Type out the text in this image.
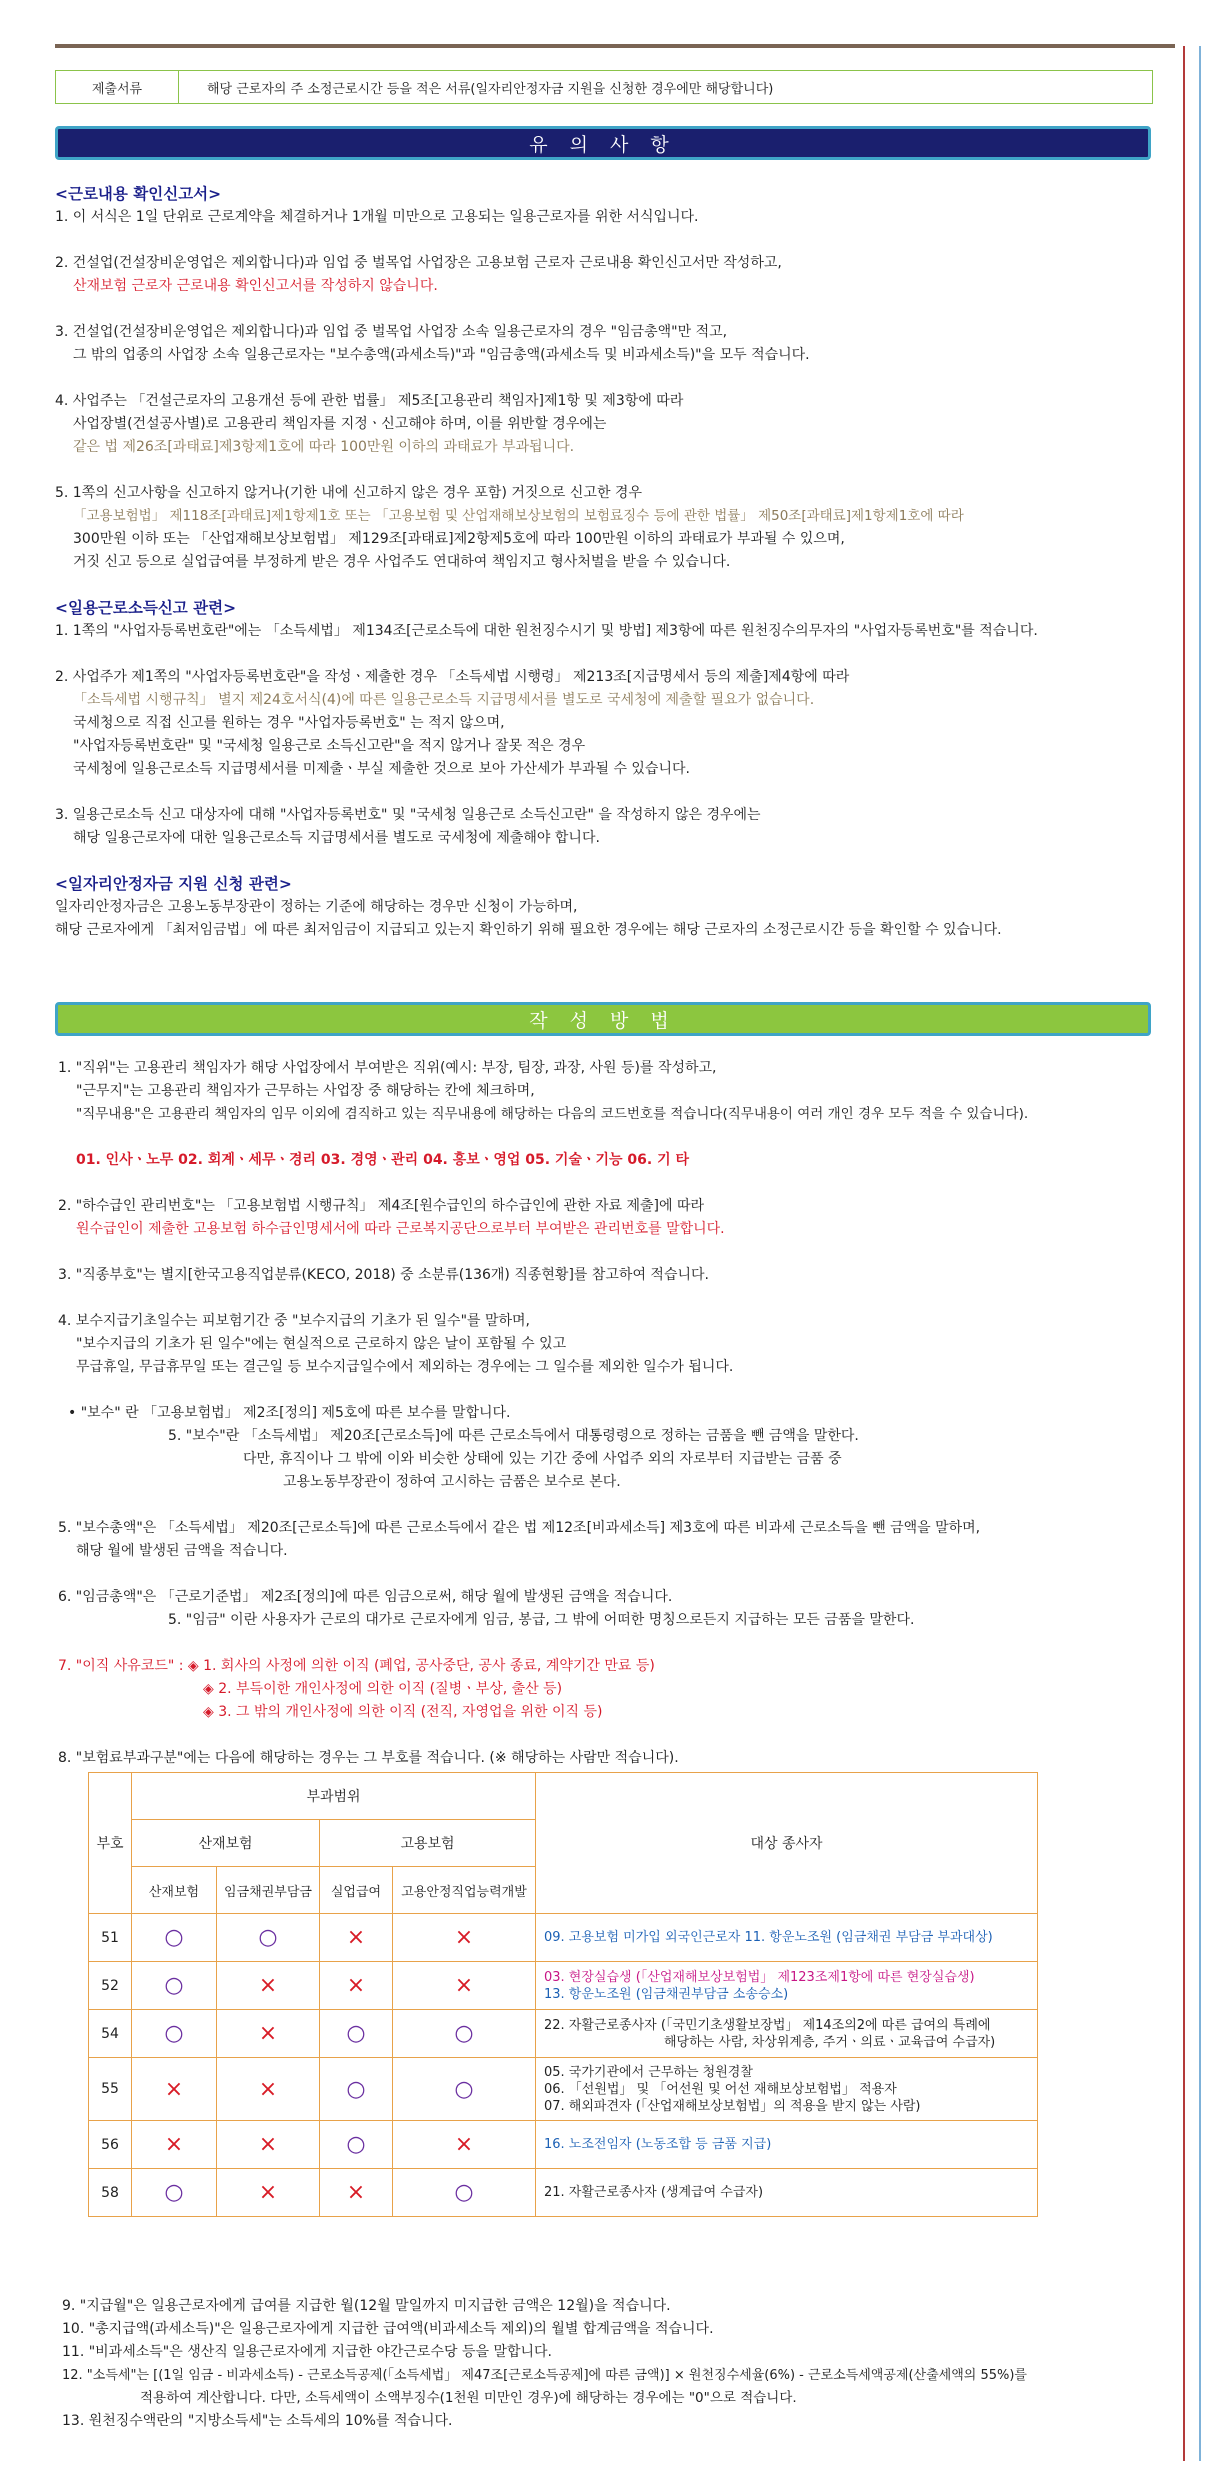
제출서류	해당 근로자의 주 소정근로시간 등을 적은 서류(일자리안정자금 지원을 신청한 경우에만 해당합니다)
유 의 사 항
<근로내용 확인신고서>

1. 이 서식은 1일 단위로 근로계약을 체결하거나 1개월 미만으로 고용되는 일용근로자를 위한 서식입니다.

2. 건설업(건설장비운영업은 제외합니다)과 임업 중 벌목업 사업장은 고용보험 근로자 근로내용 확인신고서만 작성하고,

산재보험 근로자 근로내용 확인신고서를 작성하지 않습니다.

3. 건설업(건설장비운영업은 제외합니다)과 임업 중 벌목업 사업장 소속 일용근로자의 경우 "임금총액"만 적고,

그 밖의 업종의 사업장 소속 일용근로자는 "보수총액(과세소득)"과 "임금총액(과세소득 및 비과세소득)"을 모두 적습니다.

4. 사업주는 「건설근로자의 고용개선 등에 관한 법률」 제5조[고용관리 책임자]제1항 및 제3항에 따라

사업장별(건설공사별)로 고용관리 책임자를 지정ㆍ신고해야 하며, 이를 위반할 경우에는

같은 법 제26조[과태료]제3항제1호에 따라 100만원 이하의 과태료가 부과됩니다.

5. 1쪽의 신고사항을 신고하지 않거나(기한 내에 신고하지 않은 경우 포함) 거짓으로 신고한 경우

「고용보험법」 제118조[과태료]제1항제1호 또는 「고용보험 및 산업재해보상보험의 보험료징수 등에 관한 법률」 제50조[과태료]제1항제1호에 따라

300만원 이하 또는 「산업재해보상보험법」 제129조[과태료]제2항제5호에 따라 100만원 이하의 과태료가 부과될 수 있으며,

거짓 신고 등으로 실업급여를 부정하게 받은 경우 사업주도 연대하여 책임지고 형사처벌을 받을 수 있습니다.

<일용근로소득신고 관련>

1. 1쪽의 "사업자등록번호란"에는 「소득세법」 제134조[근로소득에 대한 원천징수시기 및 방법] 제3항에 따른 원천징수의무자의 "사업자등록번호"를 적습니다.

2. 사업주가 제1쪽의 "사업자등록번호란"을 작성ㆍ제출한 경우 「소득세법 시행령」 제213조[지급명세서 등의 제출]제4항에 따라

「소득세법 시행규칙」 별지 제24호서식(4)에 따른 일용근로소득 지급명세서를 별도로 국세청에 제출할 필요가 없습니다.

국세청으로 직접 신고를 원하는 경우 "사업자등록번호" 는 적지 않으며,

"사업자등록번호란" 및 "국세청 일용근로 소득신고란"을 적지 않거나 잘못 적은 경우

국세청에 일용근로소득 지급명세서를 미제출ㆍ부실 제출한 것으로 보아 가산세가 부과될 수 있습니다.

3. 일용근로소득 신고 대상자에 대해 "사업자등록번호" 및 "국세청 일용근로 소득신고란" 을 작성하지 않은 경우에는

해당 일용근로자에 대한 일용근로소득 지급명세서를 별도로 국세청에 제출해야 합니다.

<일자리안정자금 지원 신청 관련>

일자리안정자금은 고용노동부장관이 정하는 기준에 해당하는 경우만 신청이 가능하며,

해당 근로자에게 「최저임금법」에 따른 최저임금이 지급되고 있는지 확인하기 위해 필요한 경우에는 해당 근로자의 소정근로시간 등을 확인할 수 있습니다.

작 성 방 법

1. "직위"는 고용관리 책임자가 해당 사업장에서 부여받은 직위(예시: 부장, 팀장, 과장, 사원 등)를 작성하고,

"근무지"는 고용관리 책임자가 근무하는 사업장 중 해당하는 칸에 체크하며,

"직무내용"은 고용관리 책임자의 임무 이외에 겸직하고 있는 직무내용에 해당하는 다음의 코드번호를 적습니다(직무내용이 여러 개인 경우 모두 적을 수 있습니다).

01. 인사ㆍ노무 02. 회계ㆍ세무ㆍ경리 03. 경영ㆍ관리 04. 홍보ㆍ영업 05. 기술ㆍ기능 06. 기 타

2. "하수급인 관리번호"는 「고용보험법 시행규칙」 제4조[원수급인의 하수급인에 관한 자료 제출]에 따라

원수급인이 제출한 고용보험 하수급인명세서에 따라 근로복지공단으로부터 부여받은 관리번호를 말합니다.

3. "직종부호"는 별지[한국고용직업분류(KECO, 2018) 중 소분류(136개) 직종현황]를 참고하여 적습니다.

4. 보수지급기초일수는 피보험기간 중 "보수지급의 기초가 된 일수"를 말하며,

"보수지급의 기초가 된 일수"에는 현실적으로 근로하지 않은 날이 포함될 수 있고

무급휴일, 무급휴무일 또는 결근일 등 보수지급일수에서 제외하는 경우에는 그 일수를 제외한 일수가 됩니다.

• "보수" 란 「고용보험법」 제2조[정의] 제5호에 따른 보수를 말합니다.

5. "보수"란 「소득세법」 제20조[근로소득]에 따른 근로소득에서 대통령령으로 정하는 금품을 뺀 금액을 말한다.

다만, 휴직이나 그 밖에 이와 비슷한 상태에 있는 기간 중에 사업주 외의 자로부터 지급받는 금품 중

고용노동부장관이 정하여 고시하는 금품은 보수로 본다.

5. "보수총액"은 「소득세법」 제20조[근로소득]에 따른 근로소득에서 같은 법 제12조[비과세소득] 제3호에 따른 비과세 근로소득을 뺀 금액을 말하며,

해당 월에 발생된 금액을 적습니다.

6. "임금총액"은 「근로기준법」 제2조[정의]에 따른 임금으로써, 해당 월에 발생된 금액을 적습니다.

5. "임금" 이란 사용자가 근로의 대가로 근로자에게 임금, 봉급, 그 밖에 어떠한 명칭으로든지 지급하는 모든 금품을 말한다.

7. "이직 사유코드" : ◈ 1. 회사의 사정에 의한 이직 (폐업, 공사중단, 공사 종료, 계약기간 만료 등)

◈ 2. 부득이한 개인사정에 의한 이직 (질병ㆍ부상, 출산 등)

◈ 3. 그 밖의 개인사정에 의한 이직 (전직, 자영업을 위한 이직 등)

8. "보험료부과구분"에는 다음에 해당하는 경우는 그 부호를 적습니다. (※ 해당하는 사람만 적습니다).

부호	부과범위				대상 종사자
	산재보험		고용보험		
	산재보험	임금채권부담금	실업급여	고용안정직업능력개발	
51	○	○	×	×	09. 고용보험 미가입 외국인근로자 11. 항운노조원 (임금채권 부담금 부과대상)

52	○	×	×	×	03. 현장실습생 (「산업재해보상보험법」 제123조제1항에 따른 현장실습생)
13. 항운노조원 (임금채권부담금 소송승소)

54	○	×	○	○	22. 자활근로종사자 (「국민기초생활보장법」 제14조의2에 따른 급여의 특례에
해당하는 사람, 차상위계층, 주거ㆍ의료ㆍ교육급여 수급자)

55	×	×	○	○	05. 국가기관에서 근무하는 청원경찰
06. 「선원법」 및 「어선원 및 어선 재해보상보험법」 적용자
07. 해외파견자 (「산업재해보상보험법」의 적용을 받지 않는 사람)

56	×	×	○	×	16. 노조전임자 (노동조합 등 금품 지급)

58	○	×	×	○	21. 자활근로종사자 (생계급여 수급자)

9. "지급월"은 일용근로자에게 급여를 지급한 월(12월 말일까지 미지급한 금액은 12월)을 적습니다.

10. "총지급액(과세소득)"은 일용근로자에게 지급한 급여액(비과세소득 제외)의 월별 합계금액을 적습니다.

11. "비과세소득"은 생산직 일용근로자에게 지급한 야간근로수당 등을 말합니다.

12. "소득세"는 [(1일 임금 - 비과세소득) - 근로소득공제(「소득세법」 제47조[근로소득공제]에 따른 금액)] × 원천징수세율(6%) - 근로소득세액공제(산출세액의 55%)를

적용하여 계산합니다. 다만, 소득세액이 소액부징수(1천원 미만인 경우)에 해당하는 경우에는 "0"으로 적습니다.

13. 원천징수액란의 "지방소득세"는 소득세의 10%를 적습니다.
